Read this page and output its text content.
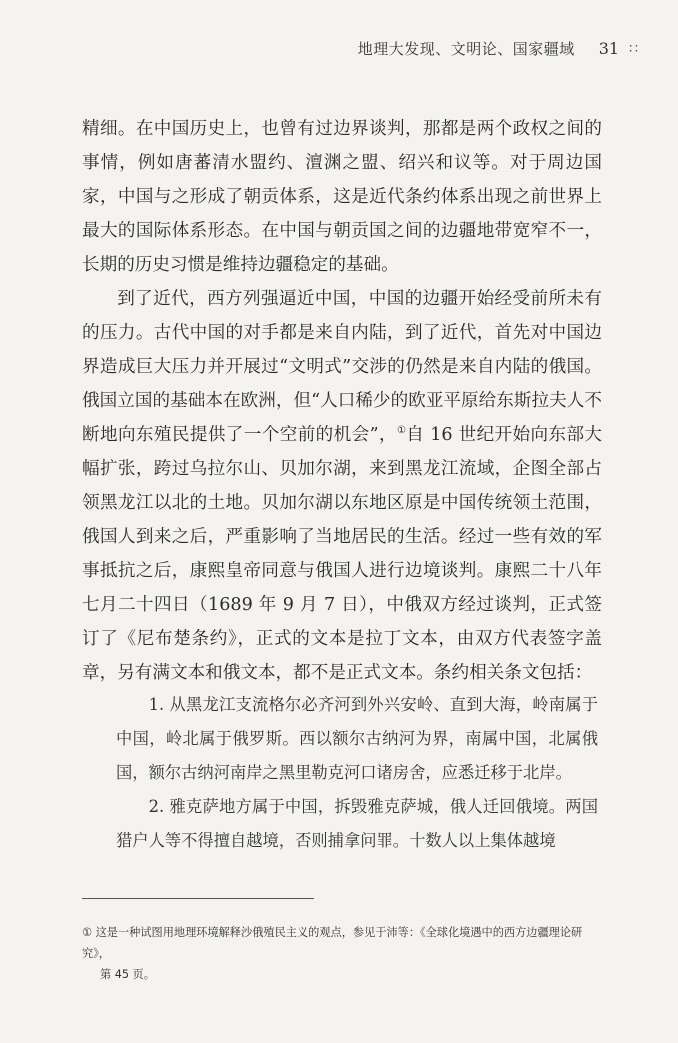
地理大发现、文明论、国家疆域 31 ∷

精细。在中国历史上，也曾有过边界谈判，那都是两个政权之间的事情，例如唐蕃清水盟约、澶渊之盟、绍兴和议等。对于周边国家，中国与之形成了朝贡体系，这是近代条约体系出现之前世界上最大的国际体系形态。在中国与朝贡国之间的边疆地带宽窄不一，长期的历史习惯是维持边疆稳定的基础。

到了近代，西方列强逼近中国，中国的边疆开始经受前所未有的压力。古代中国的对手都是来自内陆，到了近代，首先对中国边界造成巨大压力并开展过“文明式”交涉的仍然是来自内陆的俄国。俄国立国的基础本在欧洲，但“人口稀少的欧亚平原给东斯拉夫人不断地向东殖民提供了一个空前的机会”，①自 16 世纪开始向东部大幅扩张，跨过乌拉尔山、贝加尔湖，来到黑龙江流域，企图全部占领黑龙江以北的土地。贝加尔湖以东地区原是中国传统领土范围，俄国人到来之后，严重影响了当地居民的生活。经过一些有效的军事抵抗之后，康熙皇帝同意与俄国人进行边境谈判。康熙二十八年七月二十四日（1689 年 9 月 7 日），中俄双方经过谈判，正式签订了《尼布楚条约》，正式的文本是拉丁文本，由双方代表签字盖章，另有满文本和俄文本，都不是正式文本。条约相关条文包括：

1. 从黑龙江支流格尔必齐河到外兴安岭、直到大海，岭南属于中国，岭北属于俄罗斯。西以额尔古纳河为界，南属中国，北属俄国，额尔古纳河南岸之黑里勒克河口诸房舍，应悉迁移于北岸。

2. 雅克萨地方属于中国，拆毁雅克萨城，俄人迁回俄境。两国猎户人等不得擅自越境，否则捕拿问罪。十数人以上集体越境

① 这是一种试图用地理环境解释沙俄殖民主义的观点，参见于沛等：《全球化境遇中的西方边疆理论研究》，
第 45 页。
